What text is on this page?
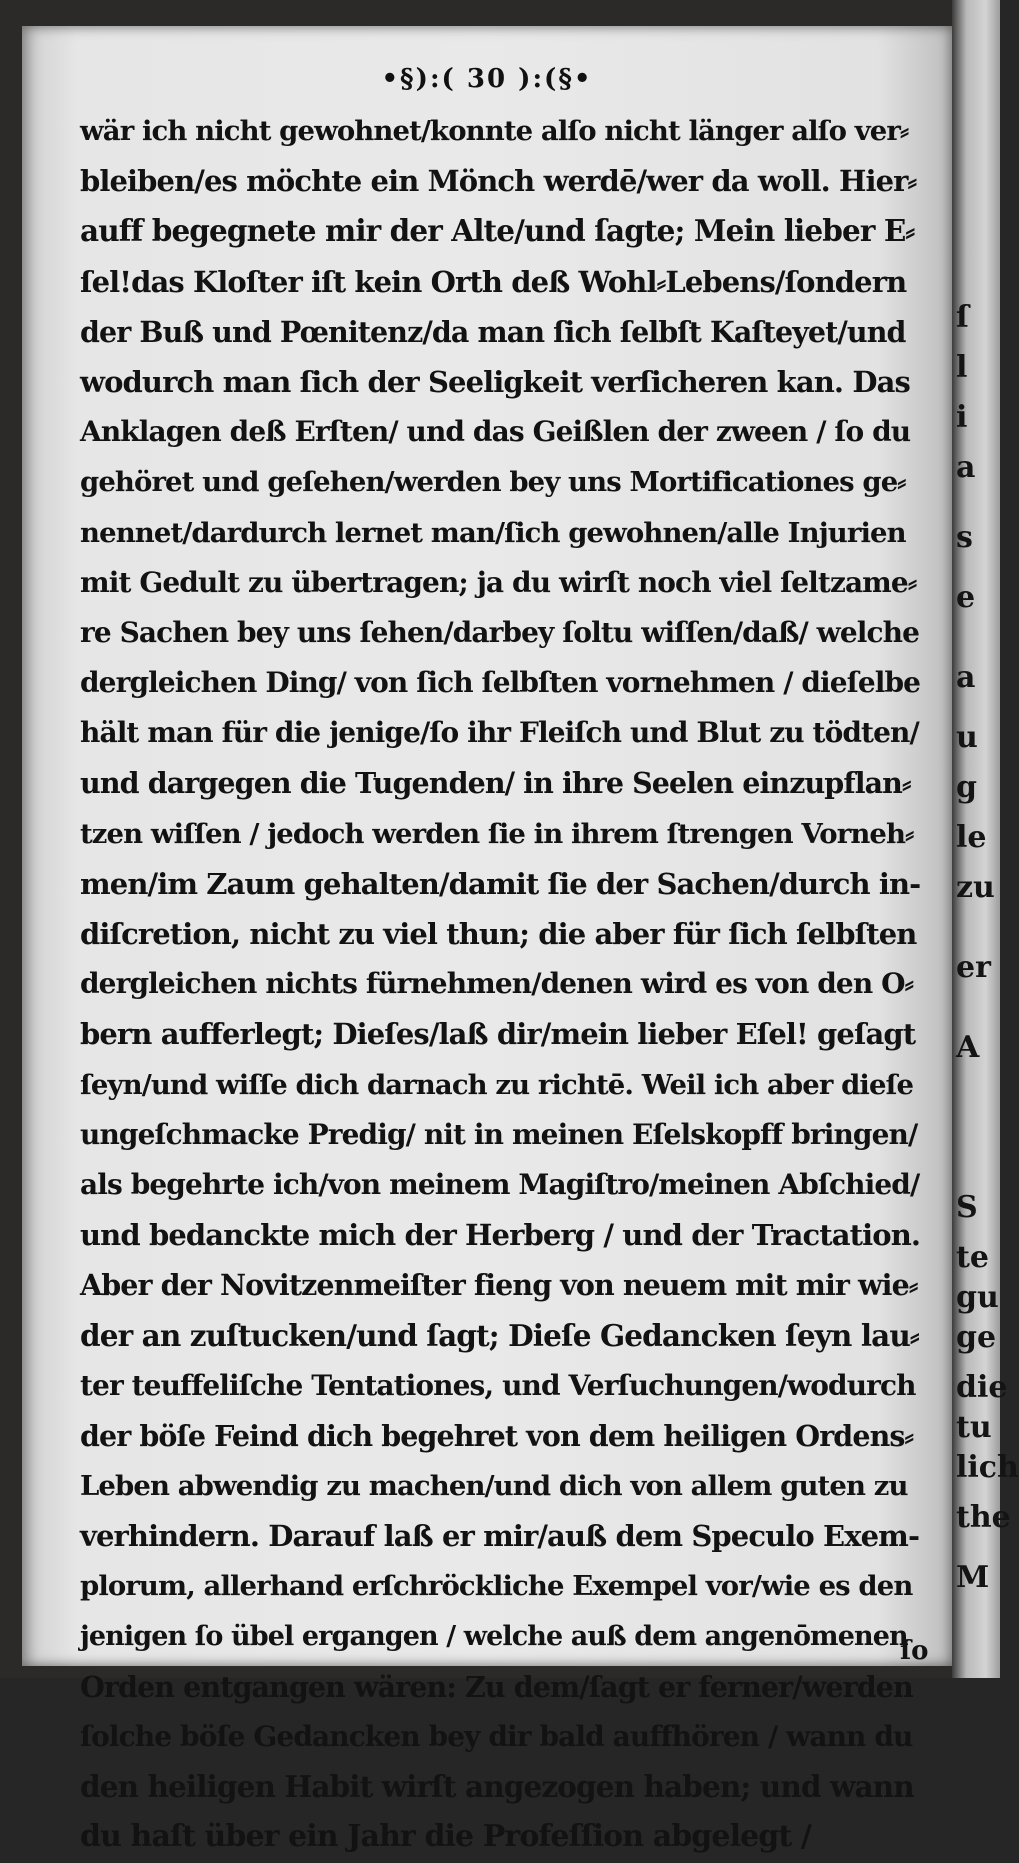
•§):( 30 ):(§•
wär ich nicht gewohnet/konnte alſo nicht länger alſo ver⸗
bleiben/es möchte ein Mönch werdē/wer da woll. Hier⸗
auff begegnete mir der Alte/und ſagte; Mein lieber E⸗
ſel!das Kloſter iſt kein Orth deß Wohl⸗Lebens/ſondern
der Buß und Pœnitenz/da man ſich ſelbſt Kaſteyet/und
wodurch man ſich der Seeligkeit verſicheren kan. Das
Anklagen deß Erſten/ und das Geißlen der zween / ſo du
gehöret und geſehen/werden bey uns Mortificationes ge⸗
nennet/dardurch lernet man/ſich gewohnen/alle Injurien
mit Gedult zu übertragen; ja du wirſt noch viel ſeltzame⸗
re Sachen bey uns ſehen/darbey ſoltu wiſſen/daß/ welche
dergleichen Ding/ von ſich ſelbſten vornehmen / dieſelbe
hält man für die jenige/ſo ihr Fleiſch und Blut zu tödten/
und dargegen die Tugenden/ in ihre Seelen einzupflan⸗
tzen wiſſen / jedoch werden ſie in ihrem ſtrengen Vorneh⸗
men/im Zaum gehalten/damit ſie der Sachen/durch in-
diſcretion, nicht zu viel thun; die aber für ſich ſelbſten
dergleichen nichts fürnehmen/denen wird es von den O⸗
bern aufferlegt; Dieſes/laß dir/mein lieber Eſel! geſagt
ſeyn/und wiſſe dich darnach zu richtē. Weil ich aber dieſe
ungeſchmacke Predig/ nit in meinen Eſelskopff bringen/
als begehrte ich/von meinem Magiſtro/meinen Abſchied/
und bedanckte mich der Herberg / und der Tractation.
Aber der Novitzenmeiſter fieng von neuem mit mir wie⸗
der an zuſtucken/und ſagt; Dieſe Gedancken ſeyn lau⸗
ter teuffeliſche Tentationes, und Verſuchungen/wodurch
der böſe Feind dich begehret von dem heiligen Ordens⸗
Leben abwendig zu machen/und dich von allem guten zu
verhindern. Darauf laß er mir/auß dem Speculo Exem-
plorum, allerhand erſchröckliche Exempel vor/wie es den
jenigen ſo übel ergangen / welche auß dem angenōmenen
Orden entgangen wären: Zu dem/ſagt er ferner/werden
ſolche böſe Gedancken bey dir bald auffhören / wann du
den heiligen Habit wirſt angezogen haben; und wann
du haſt über ein Jahr die Profeſſion abgelegt /
ſo
ſ
l
i
a
s
e
a
u
g
le
zu
er
A
S
te
gu
ge
die
tu
lich
the
M
